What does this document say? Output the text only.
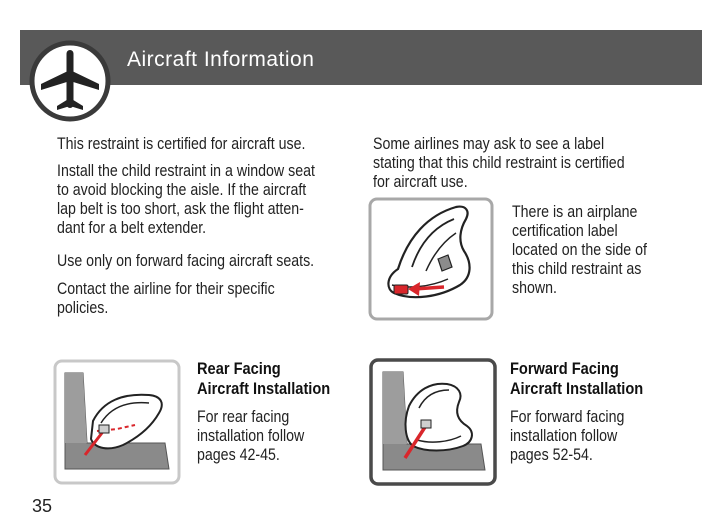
Aircraft Information
This restraint is certified for aircraft use.
Install the child restraint in a window seat
to avoid blocking the aisle. If the aircraft
lap belt is too short, ask the flight atten-
dant for a belt extender.
Use only on forward facing aircraft seats.
Contact the airline for their specific
policies.
Some airlines may ask to see a label
stating that this child restraint is certified
for aircraft use.
There is an airplane
certification label
located on the side of
this child restraint as
shown.
Rear Facing
Aircraft Installation
For rear facing
installation follow
pages 42-45.
Forward Facing
Aircraft Installation
For forward facing
installation follow
pages 52-54.
35
